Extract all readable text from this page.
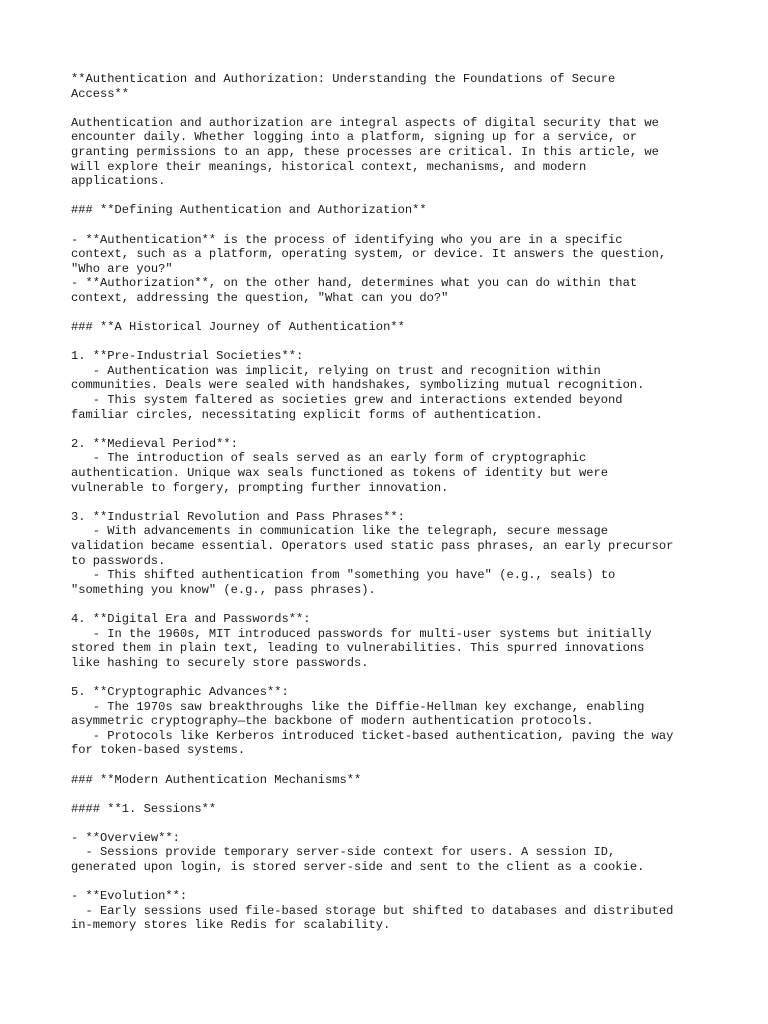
**Authentication and Authorization: Understanding the Foundations of Secure
Access**
Authentication and authorization are integral aspects of digital security that we
encounter daily. Whether logging into a platform, signing up for a service, or
granting permissions to an app, these processes are critical. In this article, we
will explore their meanings, historical context, mechanisms, and modern
applications.
### **Defining Authentication and Authorization**
- **Authentication** is the process of identifying who you are in a specific
context, such as a platform, operating system, or device. It answers the question,
"Who are you?"
- **Authorization**, on the other hand, determines what you can do within that
context, addressing the question, "What can you do?"
### **A Historical Journey of Authentication**
1. **Pre-Industrial Societies**:
- Authentication was implicit, relying on trust and recognition within
communities. Deals were sealed with handshakes, symbolizing mutual recognition.
- This system faltered as societies grew and interactions extended beyond
familiar circles, necessitating explicit forms of authentication.
2. **Medieval Period**:
- The introduction of seals served as an early form of cryptographic
authentication. Unique wax seals functioned as tokens of identity but were
vulnerable to forgery, prompting further innovation.
3. **Industrial Revolution and Pass Phrases**:
- With advancements in communication like the telegraph, secure message
validation became essential. Operators used static pass phrases, an early precursor
to passwords.
- This shifted authentication from "something you have" (e.g., seals) to
"something you know" (e.g., pass phrases).
4. **Digital Era and Passwords**:
- In the 1960s, MIT introduced passwords for multi-user systems but initially
stored them in plain text, leading to vulnerabilities. This spurred innovations
like hashing to securely store passwords.
5. **Cryptographic Advances**:
- The 1970s saw breakthroughs like the Diffie-Hellman key exchange, enabling
asymmetric cryptography—the backbone of modern authentication protocols.
- Protocols like Kerberos introduced ticket-based authentication, paving the way
for token-based systems.
### **Modern Authentication Mechanisms**
#### **1. Sessions**
- **Overview**:
- Sessions provide temporary server-side context for users. A session ID,
generated upon login, is stored server-side and sent to the client as a cookie.
- **Evolution**:
- Early sessions used file-based storage but shifted to databases and distributed
in-memory stores like Redis for scalability.
